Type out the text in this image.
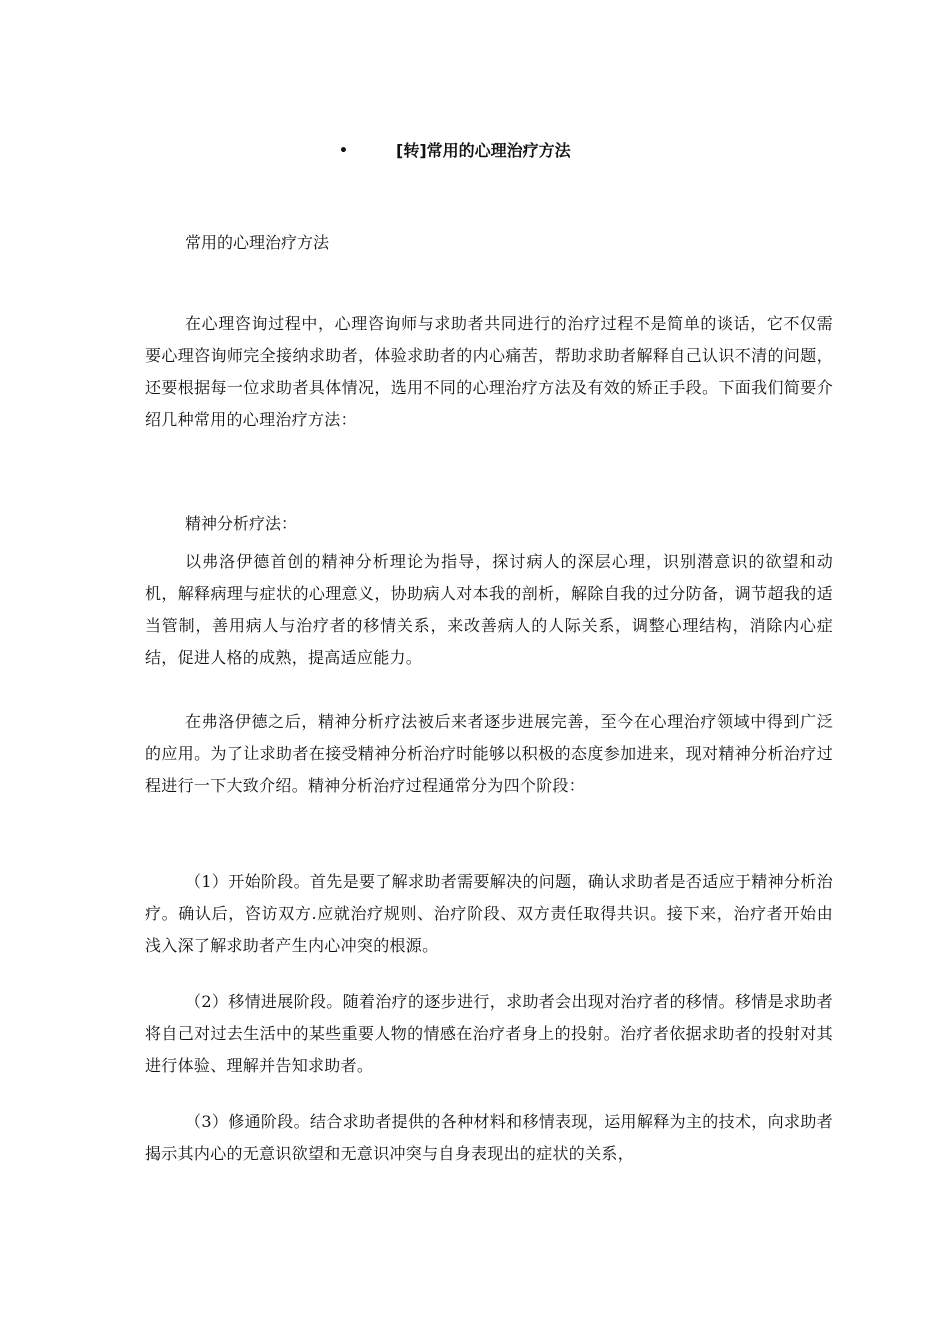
•	[转]常用的心理治疗方法
常用的心理治疗方法

在心理咨询过程中，心理咨询师与求助者共同进行的治疗过程不是简单的谈话，它不仅需要心理咨询师完全接纳求助者，体验求助者的内心痛苦，帮助求助者解释自己认识不清的问题，还要根据每一位求助者具体情况，选用不同的心理治疗方法及有效的矫正手段。下面我们简要介绍几种常用的心理治疗方法：

精神分析疗法：

以弗洛伊德首创的精神分析理论为指导，探讨病人的深层心理，识别潜意识的欲望和动机，解释病理与症状的心理意义，协助病人对本我的剖析，解除自我的过分防备，调节超我的适当管制，善用病人与治疗者的移情关系，来改善病人的人际关系，调整心理结构，消除内心症结，促进人格的成熟，提高适应能力。

在弗洛伊德之后，精神分析疗法被后来者逐步进展完善，至今在心理治疗领域中得到广泛的应用。为了让求助者在接受精神分析治疗时能够以积极的态度参加进来，现对精神分析治疗过程进行一下大致介绍。精神分析治疗过程通常分为四个阶段：

（1）开始阶段。首先是要了解求助者需要解决的问题，确认求助者是否适应于精神分析治疗。确认后，咨访双方.应就治疗规则、治疗阶段、双方责任取得共识。接下来，治疗者开始由浅入深了解求助者产生内心冲突的根源。

（2）移情进展阶段。随着治疗的逐步进行，求助者会出现对治疗者的移情。移情是求助者将自己对过去生活中的某些重要人物的情感在治疗者身上的投射。治疗者依据求助者的投射对其进行体验、理解并告知求助者。

（3）修通阶段。结合求助者提供的各种材料和移情表现，运用解释为主的技术，向求助者揭示其内心的无意识欲望和无意识冲突与自身表现出的症状的关系，
